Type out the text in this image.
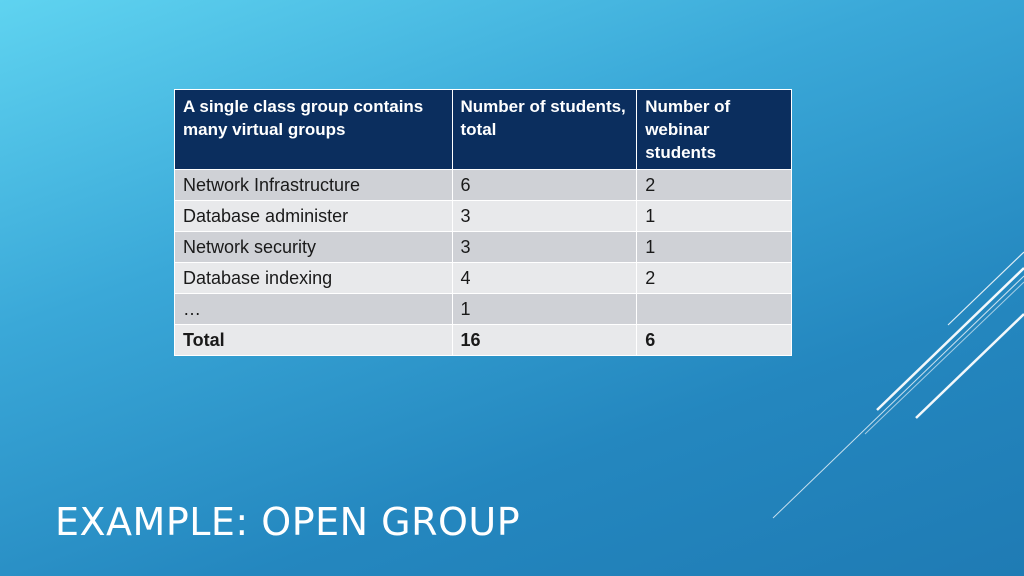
A single class group contains many virtual groups	Number of students, total	Number of webinar students
Network Infrastructure	6	2
Database administer	3	1
Network security	3	1
Database indexing	4	2
…	1	
Total	16	6
EXAMPLE: OPEN GROUP
